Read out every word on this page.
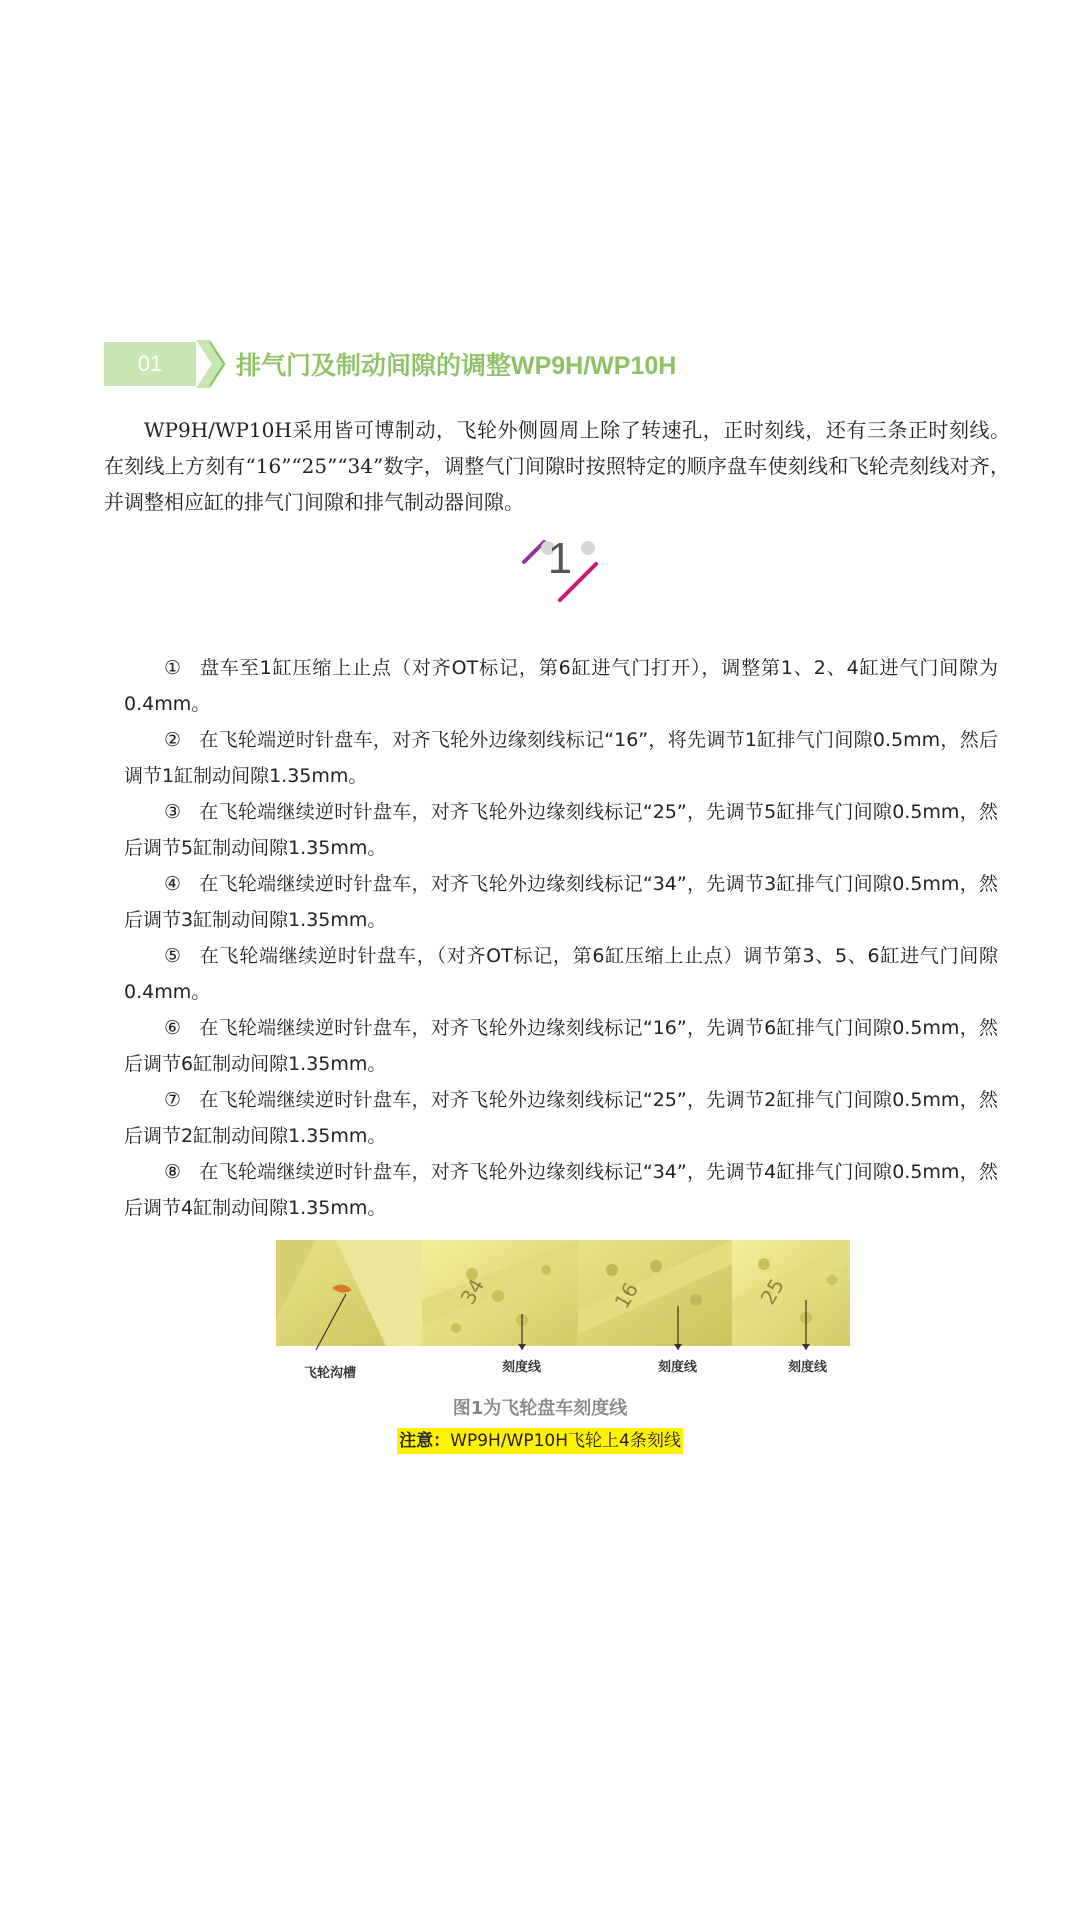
01	排气门及制动间隙的调整WP9H/WP10H

WP9H/WP10H采用皆可博制动，飞轮外侧圆周上除了转速孔，正时刻线，还有三条正时刻线。在刻线上方刻有“16”“25”“34”数字，调整气门间隙时按照特定的顺序盘车使刻线和飞轮壳刻线对齐，并调整相应缸的排气门间隙和排气制动器间隙。

1

① 盘车至1缸压缩上止点（对齐OT标记，第6缸进气门打开），调整第1、2、4缸进气门间隙为0.4mm。

② 在飞轮端逆时针盘车，对齐飞轮外边缘刻线标记“16”，将先调节1缸排气门间隙0.5mm，然后调节1缸制动间隙1.35mm。

③ 在飞轮端继续逆时针盘车，对齐飞轮外边缘刻线标记“25”，先调节5缸排气门间隙0.5mm，然后调节5缸制动间隙1.35mm。

④ 在飞轮端继续逆时针盘车，对齐飞轮外边缘刻线标记“34”，先调节3缸排气门间隙0.5mm，然后调节3缸制动间隙1.35mm。

⑤ 在飞轮端继续逆时针盘车，（对齐OT标记，第6缸压缩上止点）调节第3、5、6缸进气门间隙0.4mm。

⑥ 在飞轮端继续逆时针盘车，对齐飞轮外边缘刻线标记“16”，先调节6缸排气门间隙0.5mm，然后调节6缸制动间隙1.35mm。

⑦ 在飞轮端继续逆时针盘车，对齐飞轮外边缘刻线标记“25”，先调节2缸排气门间隙0.5mm，然后调节2缸制动间隙1.35mm。

⑧ 在飞轮端继续逆时针盘车，对齐飞轮外边缘刻线标记“34”，先调节4缸排气门间隙0.5mm，然后调节4缸制动间隙1.35mm。

34	16	25
飞轮沟槽	刻度线	刻度线	刻度线
图1为飞轮盘车刻度线
注意：WP9H/WP10H飞轮上4条刻线
